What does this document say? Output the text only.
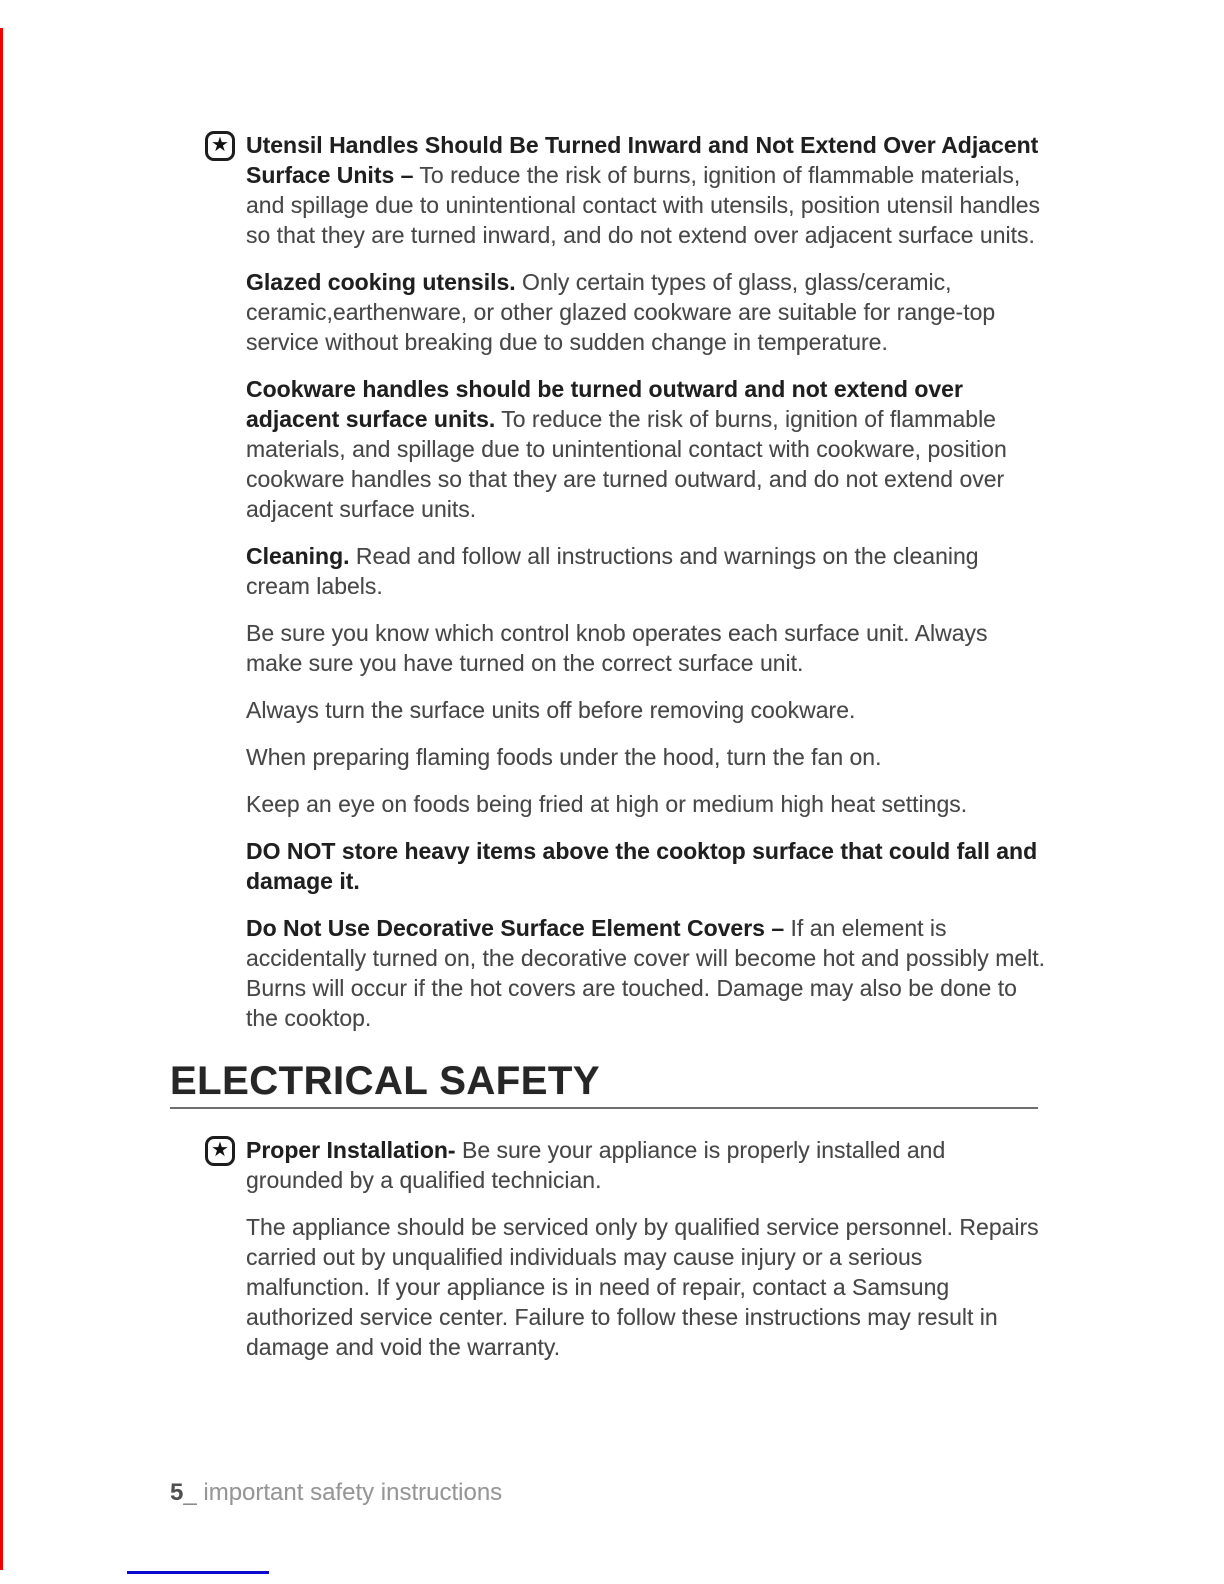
★ Utensil Handles Should Be Turned Inward and Not Extend Over Adjacent Surface Units – To reduce the risk of burns, ignition of flammable materials, and spillage due to unintentional contact with utensils, position utensil handles so that they are turned inward, and do not extend over adjacent surface units.

Glazed cooking utensils. Only certain types of glass, glass/ceramic, ceramic,earthenware, or other glazed cookware are suitable for range-top service without breaking due to sudden change in temperature.

Cookware handles should be turned outward and not extend over adjacent surface units. To reduce the risk of burns, ignition of flammable materials, and spillage due to unintentional contact with cookware, position cookware handles so that they are turned outward, and do not extend over adjacent surface units.

Cleaning. Read and follow all instructions and warnings on the cleaning cream labels.

Be sure you know which control knob operates each surface unit. Always make sure you have turned on the correct surface unit.

Always turn the surface units off before removing cookware.

When preparing flaming foods under the hood, turn the fan on.

Keep an eye on foods being fried at high or medium high heat settings.

DO NOT store heavy items above the cooktop surface that could fall and damage it.

Do Not Use Decorative Surface Element Covers – If an element is accidentally turned on, the decorative cover will become hot and possibly melt. Burns will occur if the hot covers are touched. Damage may also be done to the cooktop.

ELECTRICAL SAFETY

★ Proper Installation- Be sure your appliance is properly installed and grounded by a qualified technician.

The appliance should be serviced only by qualified service personnel. Repairs carried out by unqualified individuals may cause injury or a serious malfunction. If your appliance is in need of repair, contact a Samsung authorized service center. Failure to follow these instructions may result in damage and void the warranty.

5_ important safety instructions
